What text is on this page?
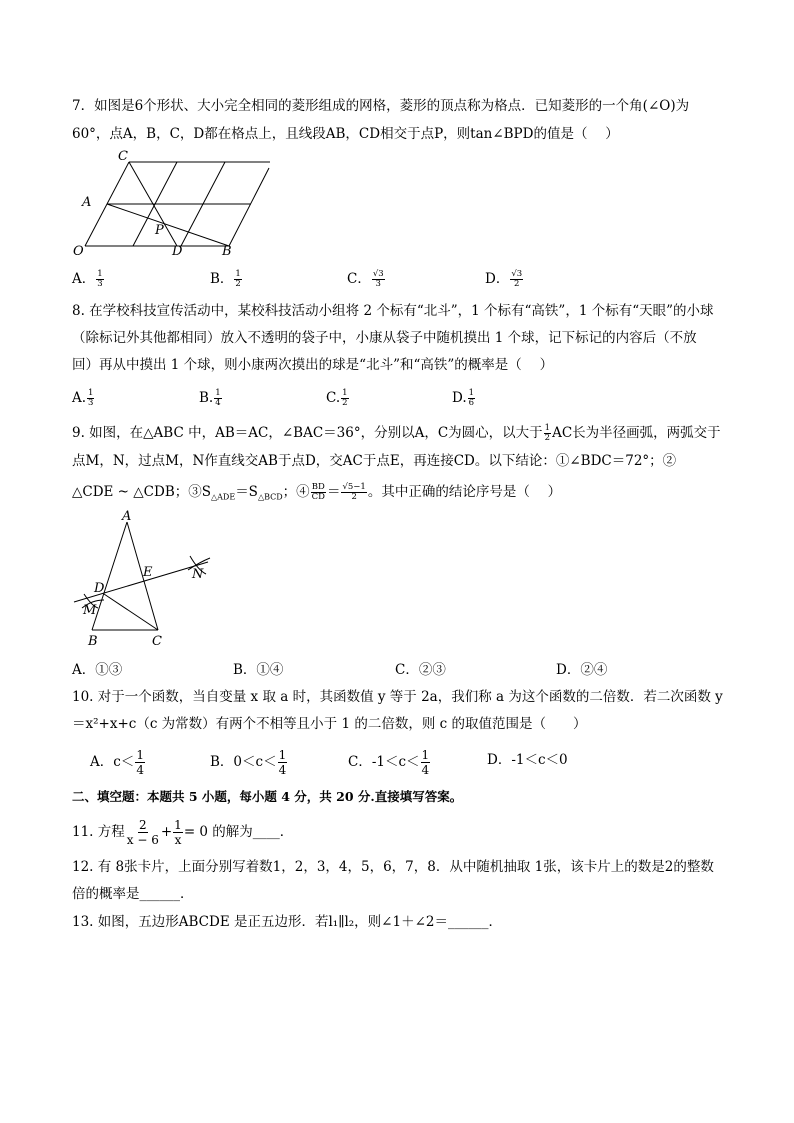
7．如图是6个形状、大小完全相同的菱形组成的网格，菱形的顶点称为格点．已知菱形的一个角(∠O)为
60°，点A，B，C，D都在格点上，且线段AB，CD相交于点P，则tan∠BPD的值是（　 ）
C
A
P
O	D	B
A． $\frac{1}{3}$	B． $\frac{1}{2}$	C． $\frac{√3}{3}$	D． $\frac{√3}{2}$
8. 在学校科技宣传活动中，某校科技活动小组将 2 个标有“北斗”，1 个标有“高铁”，1 个标有“天眼”的小球
（除标记外其他都相同）放入不透明的袋子中，小康从袋子中随机摸出 1 个球，记下标记的内容后（不放
回）再从中摸出 1 个球，则小康两次摸出的球是“北斗”和“高铁”的概率是（　 ）
A. $\frac{1}{3}$	B. $\frac{1}{4}$	C. $\frac{1}{2}$	D. $\frac{1}{6}$
9. 如图，在△ABC 中，AB＝AC，∠BAC＝36°，分别以A，C为圆心，以大于 $\frac{1}{2}$ AC长为半径画弧，两弧交于
点M，N，过点M，N作直线交AB于点D，交AC于点E，再连接CD。以下结论：①∠BDC＝72°；②
△CDE ~ △CDB；$③S_{\triangle ADE}=S_{\triangle BCD}$；④ $\frac{BD}{CD} = \frac{√5-1}{2}$ 。其中正确的结论序号是（　 ）
A
E	N
D
M
B	C
A．①③	B．①④	C．②③	D．②④
10. 对于一个函数，当自变量 x 取 a 时，其函数值 y 等于 2a，我们称 a 为这个函数的二倍数．若二次函数 y
＝x²+x+c（c 为常数）有两个不相等且小于 1 的二倍数，则 c 的取值范围是（　　）
A．$c< \frac{1}{4}$	B．$0<c< \frac{1}{4}$	C．$-1<c< \frac{1}{4}$	D．-1＜c＜0
二、填空题：本题共 5 小题，每小题 4 分，共 20 分.直接填写答案。
11. 方程 $\frac{2}{x - 6} + \frac{1}{x} = 0$ 的解为____．
12. 有 8张卡片，上面分别写着数1，2，3，4，5，6，7，8．从中随机抽取 1张，该卡片上的数是2的整数
倍的概率是______．
13. 如图，五边形ABCDE 是正五边形．若l₁∥l₂，则∠1＋∠2＝______．
